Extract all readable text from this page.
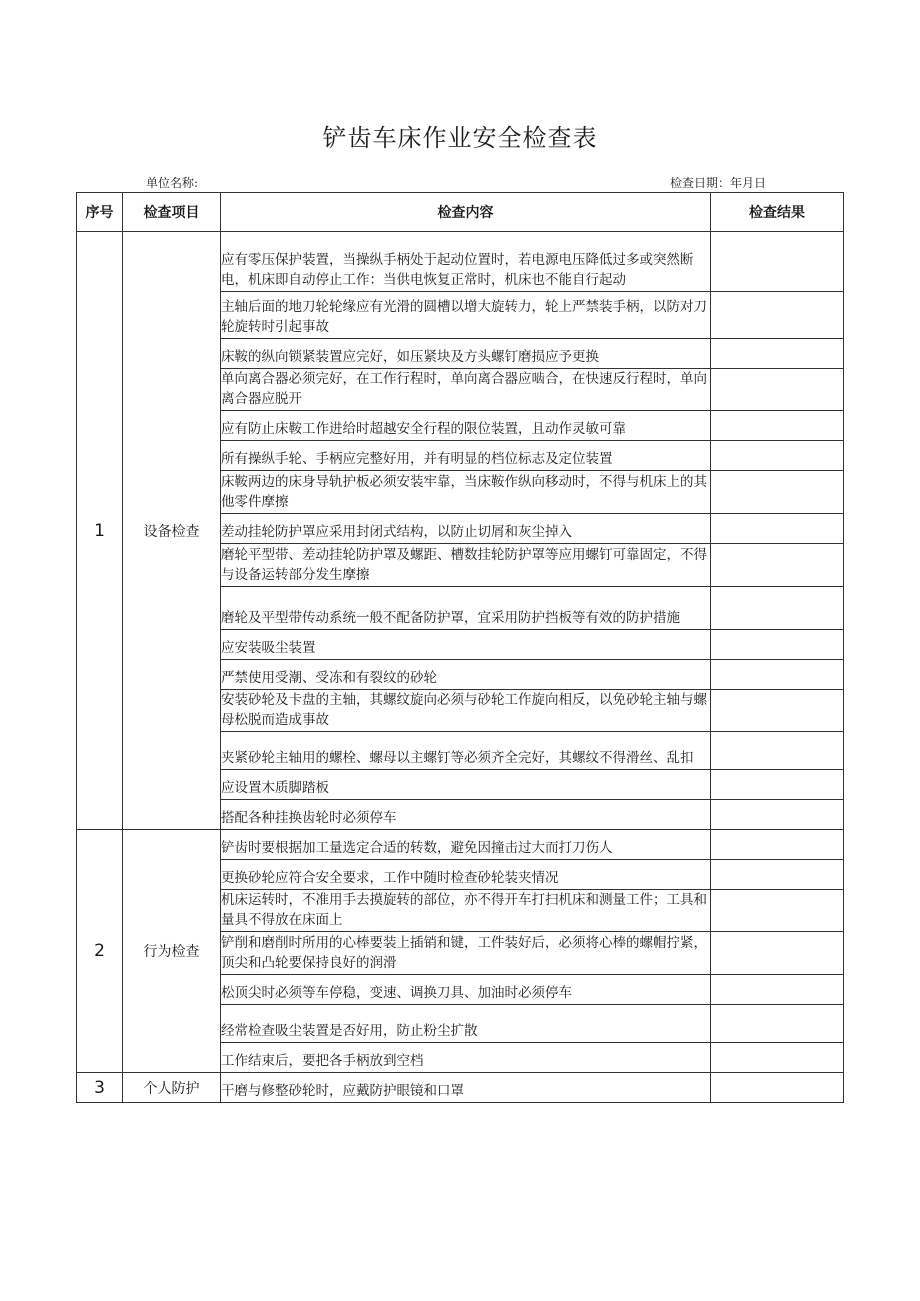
铲齿车床作业安全检查表
单位名称:	检查日期：年月日
序号	检查项目	检查内容	检查结果
1	设备检查	应有零压保护装置，当操纵手柄处于起动位置时，若电源电压降低过多或突然断电，机床即自动停止工作：当供电恢复正常时，机床也不能自行起动	

		主轴后面的地刀轮轮缘应有光滑的圆槽以增大旋转力，轮上严禁装手柄，以防对刀轮旋转时引起事故	

		床鞍的纵向锁紧装置应完好，如压紧块及方头螺钉磨损应予更换	

		单向离合器必须完好，在工作行程时，单向离合器应啮合，在快速反行程时，单向离合器应脱开	

		应有防止床鞍工作进给时超越安全行程的限位装置，且动作灵敏可靠	

		所有操纵手轮、手柄应完整好用，并有明显的档位标志及定位装置	

		床鞍两边的床身导轨护板必须安装牢靠，当床鞍作纵向移动时，不得与机床上的其他零件摩擦	

		差动挂轮防护罩应采用封闭式结构，以防止切屑和灰尘掉入	

		磨轮平型带、差动挂轮防护罩及螺距、槽数挂轮防护罩等应用螺钉可靠固定，不得与设备运转部分发生摩擦	

		磨轮及平型带传动系统一般不配备防护罩，宜采用防护挡板等有效的防护措施	

		应安装吸尘装置	

		严禁使用受潮、受冻和有裂纹的砂轮	

		安装砂轮及卡盘的主轴，其螺纹旋向必须与砂轮工作旋向相反，以免砂轮主轴与螺母松脱而造成事故	

		夹紧砂轮主轴用的螺栓、螺母以主螺钉等必须齐全完好，其螺纹不得滑丝、乱扣	

		应设置木质脚踏板	

		搭配各种挂换齿轮时必须停车	

2	行为检查	铲齿时要根据加工量选定合适的转数，避免因撞击过大而打刀伤人	

		更换砂轮应符合安全要求，工作中随时检查砂轮装夹情况	

		机床运转时，不准用手去摸旋转的部位，亦不得开车打扫机床和测量工件；工具和量具不得放在床面上	

		铲削和磨削时所用的心棒要装上插销和键，工件装好后，必须将心棒的螺帽拧紧，顶尖和凸轮要保持良好的润滑	

		松顶尖时必须等车停稳，变速、调换刀具、加油时必须停车	

		经常检查吸尘装置是否好用，防止粉尘扩散	

		工作结束后，要把各手柄放到空档	

3	个人防护	干磨与修整砂轮时，应戴防护眼镜和口罩	
